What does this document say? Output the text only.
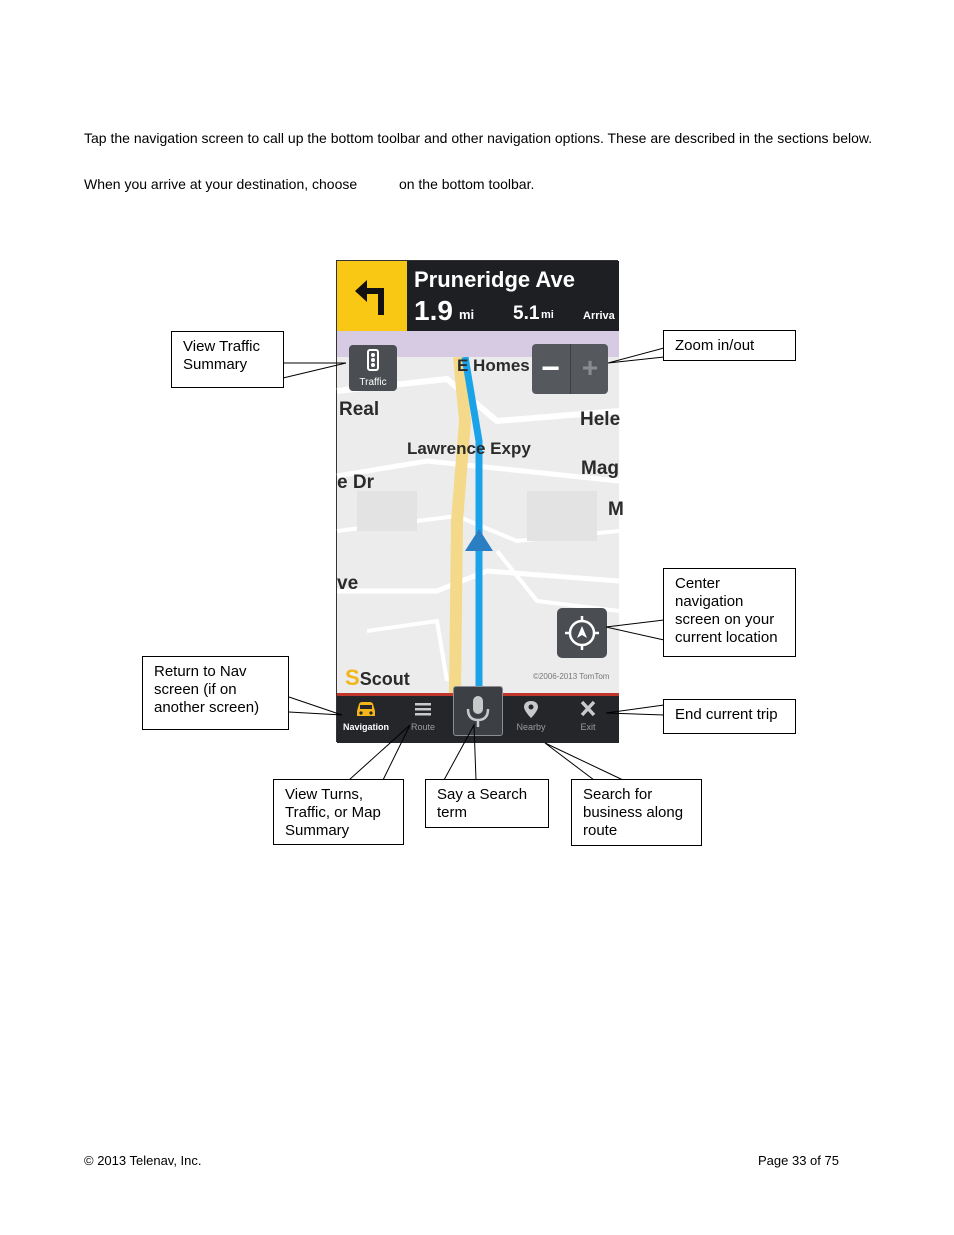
Tap the navigation screen to call up the bottom toolbar and other navigation options. These are described in the sections below.
When you arrive at your destination, choose	on the bottom toolbar.
Pruneridge Ave
1.9 mi 5.1 mi	Arriva
E Homes
Real	Hele
Lawrence Expy
Mag
e Dr
M
ve
Traffic	− +
SScout	©2006-2013 TomTom
Navigation	Route	Nearby	Exit
View Traffic
Summary
Zoom in/out
Center
navigation
screen on your
current location
Return to Nav
screen (if on
another screen)	End current trip
View Turns,
Traffic, or Map
Summary
Say a Search
term
Search for
business along
route
© 2013 Telenav, Inc.	Page 33 of 75
